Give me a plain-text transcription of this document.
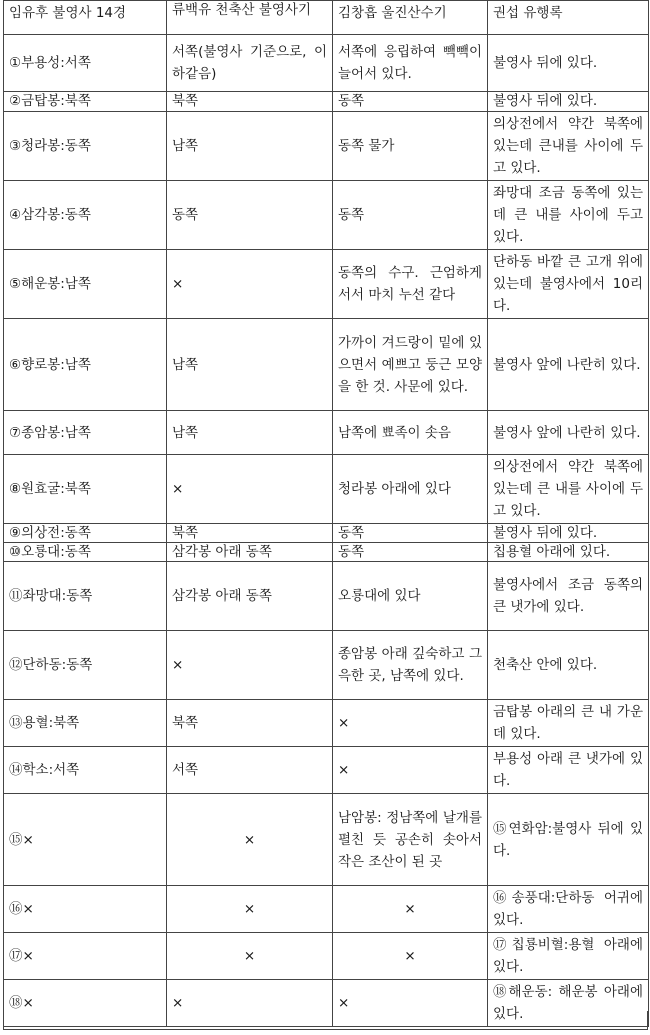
임유후 불영사 14경	류백유 천축산 불영사기	김창흡 울진산수기	권섭 유행록
①부용성:서쪽	서쪽(불영사 기준으로, 이하같음)	서쪽에 응립하여 빽빽이 늘어서 있다.	불영사 뒤에 있다.
②금탑봉:북쪽	북쪽	동쪽	불영사 뒤에 있다.
③청라봉:동쪽	남쪽	동쪽 물가	의상전에서 약간 북쪽에 있는데 큰내를 사이에 두고 있다.
④삼각봉:동쪽	동쪽	동쪽	좌망대 조금 동쪽에 있는데 큰 내를 사이에 두고 있다.
⑤해운봉:남쪽	×	동쪽의 수구. 근엄하게 서서 마치 누선 같다	단하동 바깥 큰 고개 위에 있는데 불영사에서 10리다.
⑥향로봉:남쪽	남쪽	가까이 겨드랑이 밑에 있으면서 예쁘고 둥근 모양을 한 것. 사문에 있다.	불영사 앞에 나란히 있다.
⑦종암봉:남쪽	남쪽	남쪽에 뾰족이 솟음	불영사 앞에 나란히 있다.
⑧원효굴:북쪽	×	청라봉 아래에 있다	의상전에서 약간 북쪽에 있는데 큰 내를 사이에 두고 있다.
⑨의상전:동쪽	북쪽	동쪽	불영사 뒤에 있다.
⑩오룡대:동쪽	삼각봉 아래 동쪽	동쪽	칩용혈 아래에 있다.
⑪좌망대:동쪽	삼각봉 아래 동쪽	오룡대에 있다	불영사에서 조금 동쪽의 큰 냇가에 있다.
⑫단하동:동쪽	×	종암봉 아래 깊숙하고 그윽한 곳, 남쪽에 있다.	천축산 안에 있다.
⑬용혈:북쪽	북쪽	×	금탑봉 아래의 큰 내 가운데 있다.
⑭학소:서쪽	서쪽	×	부용성 아래 큰 냇가에 있다.
⑮×	×	남암봉: 정남쪽에 날개를 펼친 듯 공손히 솟아서 작은 조산이 된 곳	⑮연화암:불영사 뒤에 있다.
⑯×	×	×	⑯송풍대:단하동 어귀에 있다.
⑰×	×	×	⑰칩룡비혈:용혈 아래에 있다.
⑱×	×	×	⑱해운동: 해운봉 아래에 있다.
